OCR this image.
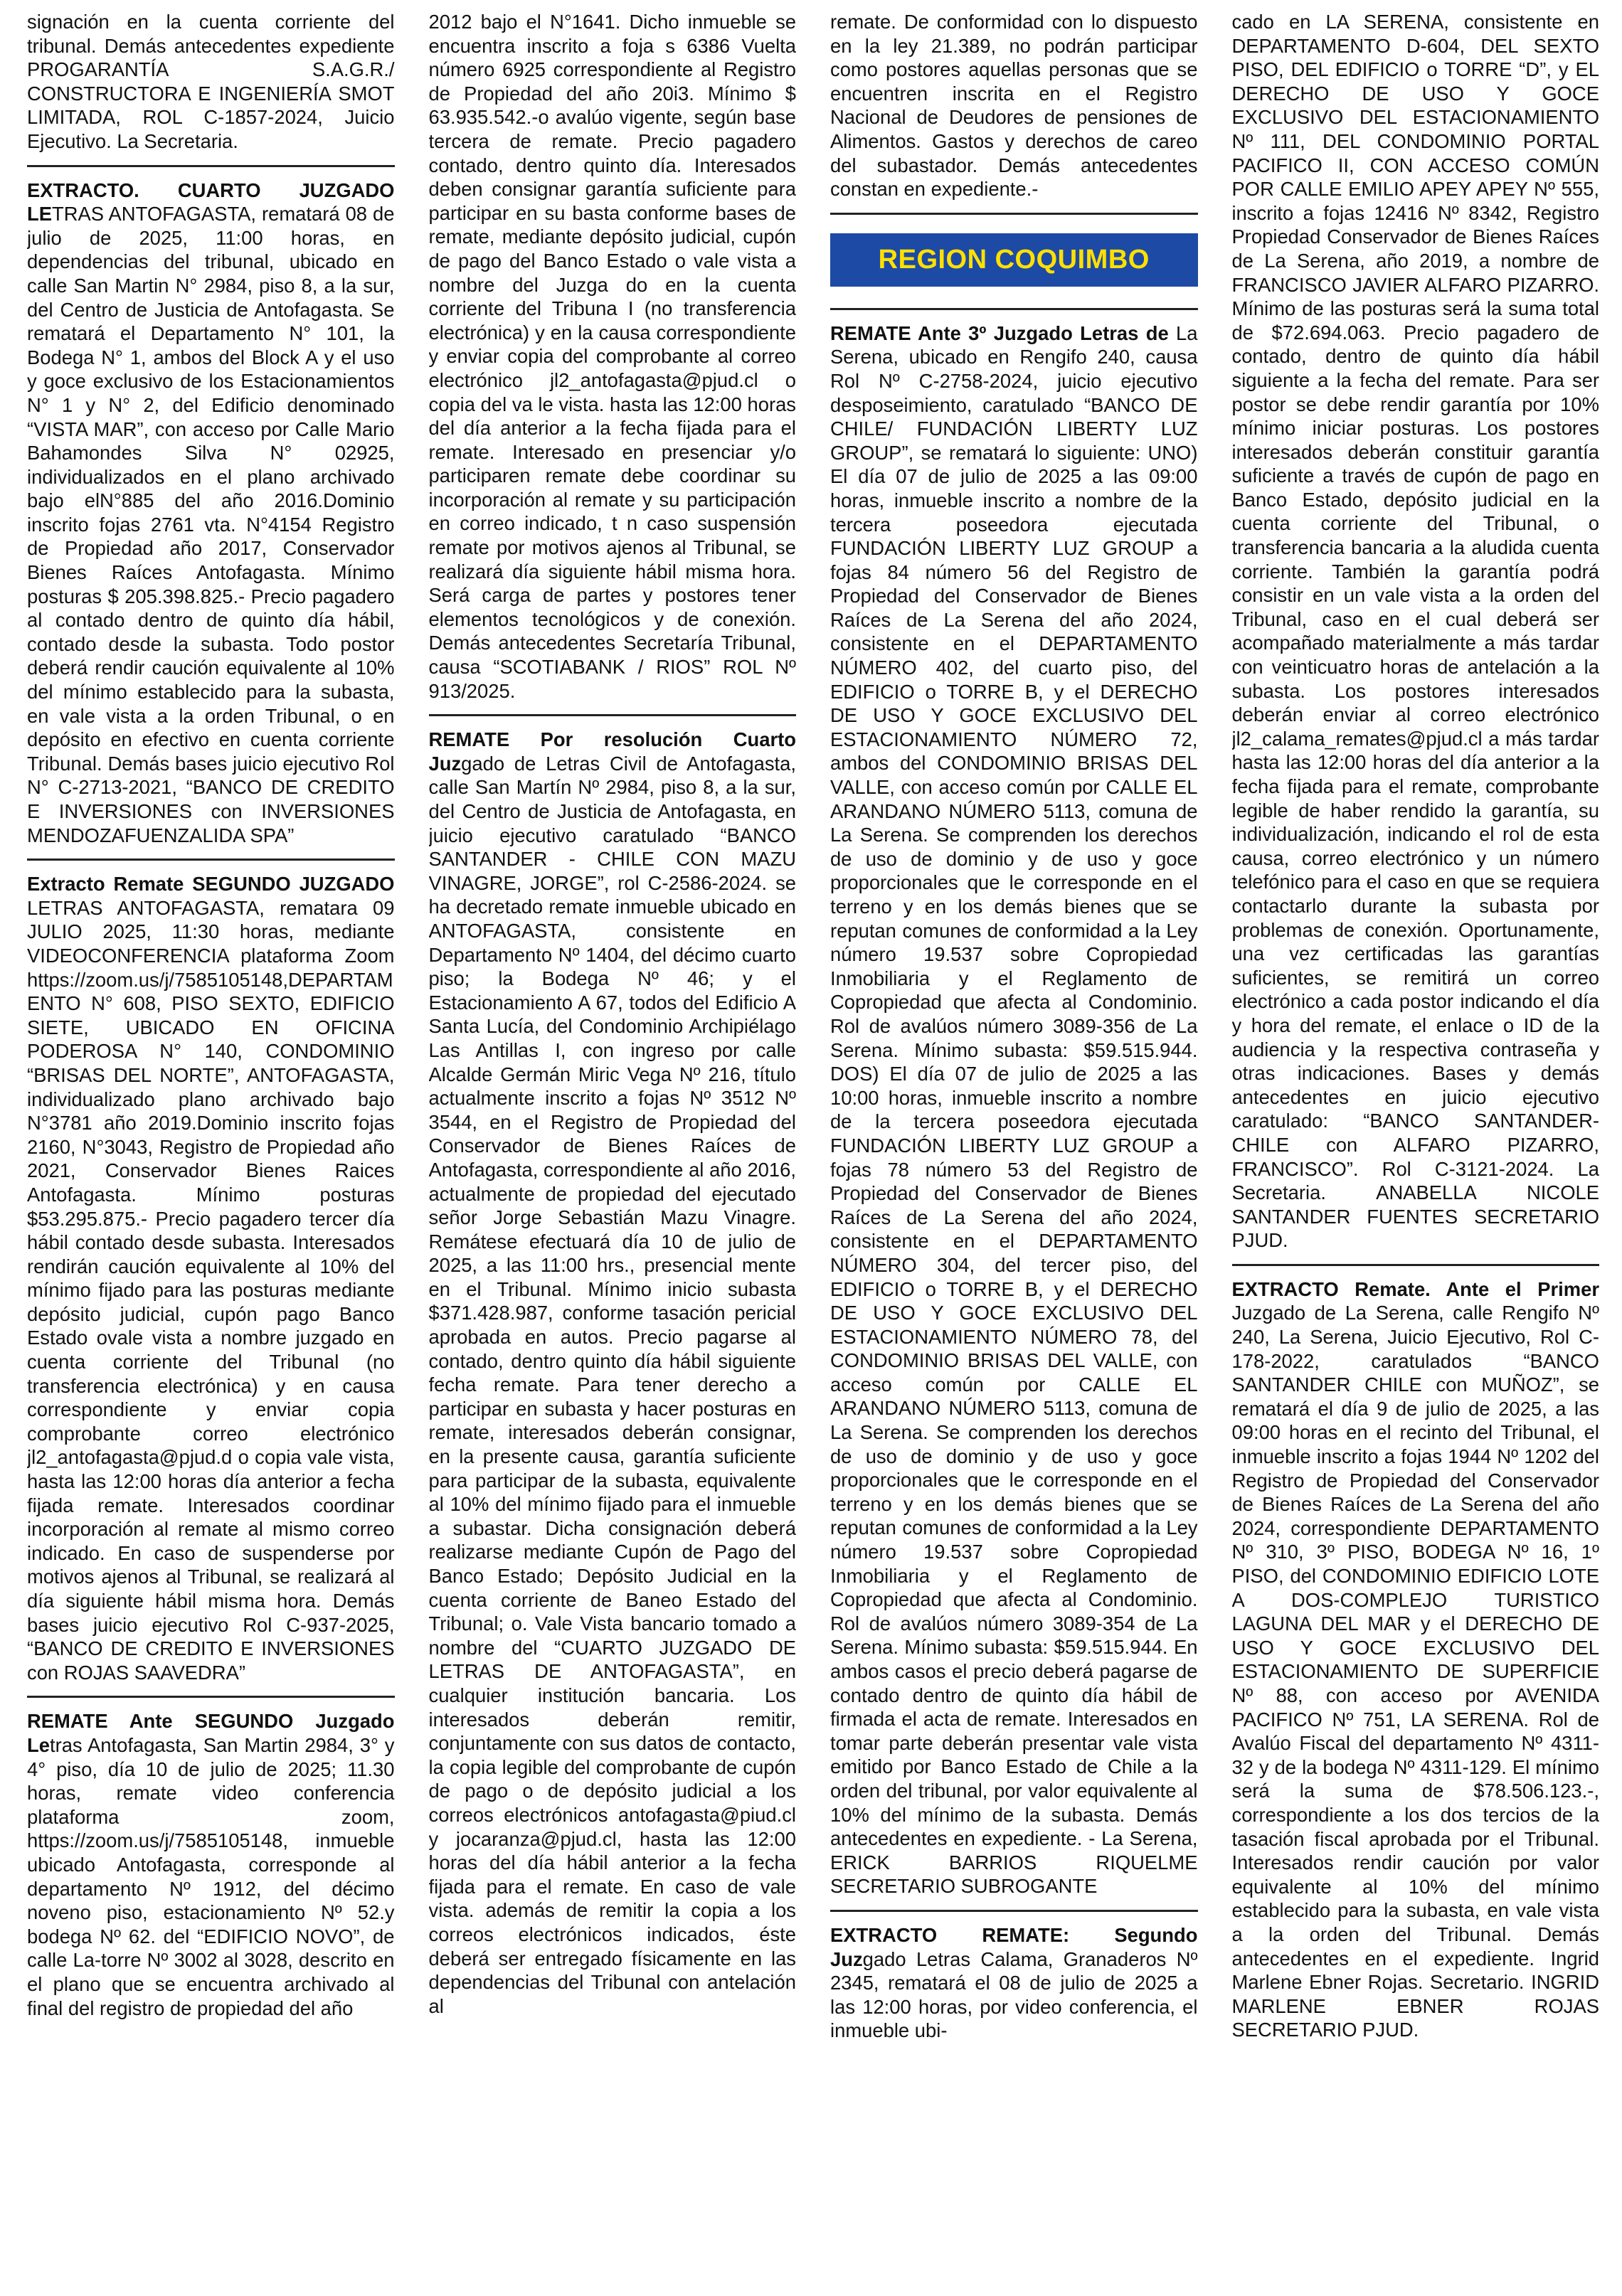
signación en la cuenta corriente del tribunal. Demás antecedentes expediente PROGARANTÍA S.A.G.R./ CONSTRUCTORA E INGENIERÍA SMOT LIMITADA, ROL C-1857-2024, Juicio Ejecutivo. La Secretaria.

EXTRACTO. CUARTO JUZGADO LETRAS ANTOFAGASTA, rematará 08 de julio de 2025, 11:00 horas, en dependencias del tribunal, ubicado en calle San Martin N° 2984, piso 8, a la sur, del Centro de Justicia de Antofagasta. Se rematará el Departamento N° 101, la Bodega N° 1, ambos del Block A y el uso y goce exclusivo de los Estacionamientos N° 1 y N° 2, del Edificio denominado “VISTA MAR”, con acceso por Calle Mario Bahamondes Silva N° 02925, individualizados en el plano archivado bajo elN°885 del año 2016.Dominio inscrito fojas 2761 vta. N°4154 Registro de Propiedad año 2017, Conservador Bienes Raíces Antofagasta. Mínimo posturas $ 205.398.825.- Precio pagadero al contado dentro de quinto día hábil, contado desde la subasta. Todo postor deberá rendir caución equivalente al 10% del mínimo establecido para la subasta, en vale vista a la orden Tribunal, o en depósito en efectivo en cuenta corriente Tribunal. Demás bases juicio ejecutivo Rol N° C-2713-2021, “BANCO DE CREDITO E INVERSIONES con INVERSIONES MENDOZAFUENZALIDA SPA”

Extracto Remate SEGUNDO JUZGADO LETRAS ANTOFAGASTA, rematara 09 JULIO 2025, 11:30 horas, mediante VIDEOCONFERENCIA plataforma Zoom https://zoom.us/j/7585105148,DEPARTAMENTO N° 608, PISO SEXTO, EDIFICIO SIETE, UBICADO EN OFICINA PODEROSA N° 140, CONDOMINIO “BRISAS DEL NORTE”, ANTOFAGASTA, individualizado plano archivado bajo N°3781 año 2019.Dominio inscrito fojas 2160, N°3043, Registro de Propiedad año 2021, Conservador Bienes Raices Antofagasta. Mínimo posturas $53.295.875.- Precio pagadero tercer día hábil contado desde subasta. Interesados rendirán caución equivalente al 10% del mínimo fijado para las posturas mediante depósito judicial, cupón pago Banco Estado ovale vista a nombre juzgado en cuenta corriente del Tribunal (no transferencia electrónica) y en causa correspondiente y enviar copia comprobante correo electrónico jl2_antofagasta@pjud.d o copia vale vista, hasta las 12:00 horas día anterior a fecha fijada remate. Interesados coordinar incorporación al remate al mismo correo indicado. En caso de suspenderse por motivos ajenos al Tribunal, se realizará al día siguiente hábil misma hora. Demás bases juicio ejecutivo Rol C-937-2025, “BANCO DE CREDITO E INVERSIONES con ROJAS SAAVEDRA”

REMATE Ante SEGUNDO Juzgado Letras Antofagasta, San Martin 2984, 3° y 4° piso, día 10 de julio de 2025; 11.30 horas, remate video conferencia plataforma zoom, https://zoom.us/j/7585105148, inmueble ubicado Antofagasta, corresponde al departamento Nº 1912, del décimo noveno piso, estacionamiento Nº 52.y bodega Nº 62. del “EDIFICIO NOVO”, de calle La-torre Nº 3002 al 3028, descrito en el plano que se encuentra archivado al final del registro de propiedad del año

2012 bajo el N°1641. Dicho inmueble se encuentra inscrito a foja s 6386 Vuelta número 6925 correspondiente al Registro de Propiedad del año 20i3. Mínimo $ 63.935.542.-o avalúo vigente, según base tercera de remate. Precio pagadero contado, dentro quinto día. Interesados deben consignar garantía suficiente para participar en su basta conforme bases de remate, mediante depósito judicial, cupón de pago del Banco Estado o vale vista a nombre del Juzga do en la cuenta corriente del Tribuna I (no transferencia electrónica) y en la causa correspondiente y enviar copia del comprobante al correo electrónico jl2_antofagasta@pjud.cl o copia del va le vista. hasta las 12:00 horas del día anterior a la fecha fijada para el remate. Interesado en presenciar y/o participaren remate debe coordinar su incorporación al remate y su participación en correo indicado, t n caso suspensión remate por motivos ajenos al Tribunal, se realizará día siguiente hábil misma hora. Será carga de partes y postores tener elementos tecnológicos y de conexión. Demás antecedentes Secretaría Tribunal, causa “SCOTIABANK / RIOS” ROL Nº 913/2025.

REMATE Por resolución Cuarto Juzgado de Letras Civil de Antofagasta, calle San Martín Nº 2984, piso 8, a la sur, del Centro de Justicia de Antofagasta, en juicio ejecutivo caratulado “BANCO SANTANDER - CHILE CON MAZU VINAGRE, JORGE”, rol C-2586-2024. se ha decretado remate inmueble ubicado en ANTOFAGASTA, consistente en Departamento Nº 1404, del décimo cuarto piso; la Bodega Nº 46; y el Estacionamiento A 67, todos del Edificio A Santa Lucía, del Condominio Archipiélago Las Antillas I, con ingreso por calle Alcalde Germán Miric Vega Nº 216, título actualmente inscrito a fojas Nº 3512 Nº 3544, en el Registro de Propiedad del Conservador de Bienes Raíces de Antofagasta, correspondiente al año 2016, actualmente de propiedad del ejecutado señor Jorge Sebastián Mazu Vinagre. Remátese efectuará día 10 de julio de 2025, a las 11:00 hrs., presencial mente en el Tribunal. Mínimo inicio subasta $371.428.987, conforme tasación pericial aprobada en autos. Precio pagarse al contado, dentro quinto día hábil siguiente fecha remate. Para tener derecho a participar en subasta y hacer posturas en remate, interesados deberán consignar, en la presente causa, garantía suficiente para participar de la subasta, equivalente al 10% del mínimo fijado para el inmueble a subastar. Dicha consignación deberá realizarse mediante Cupón de Pago del Banco Estado; Depósito Judicial en la cuenta corriente de Baneo Estado del Tribunal; o. Vale Vista bancario tomado a nombre del “CUARTO JUZGADO DE LETRAS DE ANTOFAGASTA”, en cualquier institución bancaria. Los interesados deberán remitir, conjuntamente con sus datos de contacto, la copia legible del comprobante de cupón de pago o de depósito judicial a los correos electrónicos antofagasta@piud.cl y jocaranza@pjud.cl, hasta las 12:00 horas del día hábil anterior a la fecha fijada para el remate. En caso de vale vista. además de remitir la copia a los correos electrónicos indicados, éste deberá ser entregado físicamente en las dependencias del Tribunal con antelación al

remate. De conformidad con lo dispuesto en la ley 21.389, no podrán participar como postores aquellas personas que se encuentren inscrita en el Registro Nacional de Deudores de pensiones de Alimentos. Gastos y derechos de careo del subastador. Demás antecedentes constan en expediente.-

REGION COQUIMBO

REMATE Ante 3º Juzgado Letras de La Serena, ubicado en Rengifo 240, causa Rol Nº C-2758-2024, juicio ejecutivo desposeimiento, caratulado “BANCO DE CHILE/ FUNDACIÓN LIBERTY LUZ GROUP”, se rematará lo siguiente: UNO) El día 07 de julio de 2025 a las 09:00 horas, inmueble inscrito a nombre de la tercera poseedora ejecutada FUNDACIÓN LIBERTY LUZ GROUP a fojas 84 número 56 del Registro de Propiedad del Conservador de Bienes Raíces de La Serena del año 2024, consistente en el DEPARTAMENTO NÚMERO 402, del cuarto piso, del EDIFICIO o TORRE B, y el DERECHO DE USO Y GOCE EXCLUSIVO DEL ESTACIONAMIENTO NÚMERO 72, ambos del CONDOMINIO BRISAS DEL VALLE, con acceso común por CALLE EL ARANDANO NÚMERO 5113, comuna de La Serena. Se comprenden los derechos de uso de dominio y de uso y goce proporcionales que le corresponde en el terreno y en los demás bienes que se reputan comunes de conformidad a la Ley número 19.537 sobre Copropiedad Inmobiliaria y el Reglamento de Copropiedad que afecta al Condominio. Rol de avalúos número 3089-356 de La Serena. Mínimo subasta: $59.515.944. DOS) El día 07 de julio de 2025 a las 10:00 horas, inmueble inscrito a nombre de la tercera poseedora ejecutada FUNDACIÓN LIBERTY LUZ GROUP a fojas 78 número 53 del Registro de Propiedad del Conservador de Bienes Raíces de La Serena del año 2024, consistente en el DEPARTAMENTO NÚMERO 304, del tercer piso, del EDIFICIO o TORRE B, y el DERECHO DE USO Y GOCE EXCLUSIVO DEL ESTACIONAMIENTO NÚMERO 78, del CONDOMINIO BRISAS DEL VALLE, con acceso común por CALLE EL ARANDANO NÚMERO 5113, comuna de La Serena. Se comprenden los derechos de uso de dominio y de uso y goce proporcionales que le corresponde en el terreno y en los demás bienes que se reputan comunes de conformidad a la Ley número 19.537 sobre Copropiedad Inmobiliaria y el Reglamento de Copropiedad que afecta al Condominio. Rol de avalúos número 3089-354 de La Serena. Mínimo subasta: $59.515.944. En ambos casos el precio deberá pagarse de contado dentro de quinto día hábil de firmada el acta de remate. Interesados en tomar parte deberán presentar vale vista emitido por Banco Estado de Chile a la orden del tribunal, por valor equivalente al 10% del mínimo de la subasta. Demás antecedentes en expediente. - La Serena, ERICK BARRIOS RIQUELME SECRETARIO SUBROGANTE

EXTRACTO REMATE: Segundo Juzgado Letras Calama, Granaderos Nº 2345, rematará el 08 de julio de 2025 a las 12:00 horas, por video conferencia, el inmueble ubi-

cado en LA SERENA, consistente en DEPARTAMENTO D-604, DEL SEXTO PISO, DEL EDIFICIO o TORRE “D”, y EL DERECHO DE USO Y GOCE EXCLUSIVO DEL ESTACIONAMIENTO Nº 111, DEL CONDOMINIO PORTAL PACIFICO II, CON ACCESO COMÚN POR CALLE EMILIO APEY APEY Nº 555, inscrito a fojas 12416 Nº 8342, Registro Propiedad Conservador de Bienes Raíces de La Serena, año 2019, a nombre de FRANCISCO JAVIER ALFARO PIZARRO. Mínimo de las posturas será la suma total de $72.694.063. Precio pagadero de contado, dentro de quinto día hábil siguiente a la fecha del remate. Para ser postor se debe rendir garantía por 10% mínimo iniciar posturas. Los postores interesados deberán constituir garantía suficiente a través de cupón de pago en Banco Estado, depósito judicial en la cuenta corriente del Tribunal, o transferencia bancaria a la aludida cuenta corriente. También la garantía podrá consistir en un vale vista a la orden del Tribunal, caso en el cual deberá ser acompañado materialmente a más tardar con veinticuatro horas de antelación a la subasta. Los postores interesados deberán enviar al correo electrónico jl2_calama_remates@pjud.cl a más tardar hasta las 12:00 horas del día anterior a la fecha fijada para el remate, comprobante legible de haber rendido la garantía, su individualización, indicando el rol de esta causa, correo electrónico y un número telefónico para el caso en que se requiera contactarlo durante la subasta por problemas de conexión. Oportunamente, una vez certificadas las garantías suficientes, se remitirá un correo electrónico a cada postor indicando el día y hora del remate, el enlace o ID de la audiencia y la respectiva contraseña y otras indicaciones. Bases y demás antecedentes en juicio ejecutivo caratulado: “BANCO SANTANDER- CHILE con ALFARO PIZARRO, FRANCISCO”. Rol C-3121-2024. La Secretaria. ANABELLA NICOLE SANTANDER FUENTES SECRETARIO PJUD.

EXTRACTO Remate. Ante el Primer Juzgado de La Serena, calle Rengifo Nº 240, La Serena, Juicio Ejecutivo, Rol C-178-2022, caratulados “BANCO SANTANDER CHILE con MUÑOZ”, se rematará el día 9 de julio de 2025, a las 09:00 horas en el recinto del Tribunal, el inmueble inscrito a fojas 1944 Nº 1202 del Registro de Propiedad del Conservador de Bienes Raíces de La Serena del año 2024, correspondiente DEPARTAMENTO Nº 310, 3º PISO, BODEGA Nº 16, 1º PISO, del CONDOMINIO EDIFICIO LOTE A DOS-COMPLEJO TURISTICO LAGUNA DEL MAR y el DERECHO DE USO Y GOCE EXCLUSIVO DEL ESTACIONAMIENTO DE SUPERFICIE Nº 88, con acceso por AVENIDA PACIFICO Nº 751, LA SERENA. Rol de Avalúo Fiscal del departamento Nº 4311-32 y de la bodega Nº 4311-129. El mínimo será la suma de $78.506.123.-, correspondiente a los dos tercios de la tasación fiscal aprobada por el Tribunal. Interesados rendir caución por valor equivalente al 10% del mínimo establecido para la subasta, en vale vista a la orden del Tribunal. Demás antecedentes en el expediente. Ingrid Marlene Ebner Rojas. Secretario. INGRID MARLENE EBNER ROJAS SECRETARIO PJUD.
